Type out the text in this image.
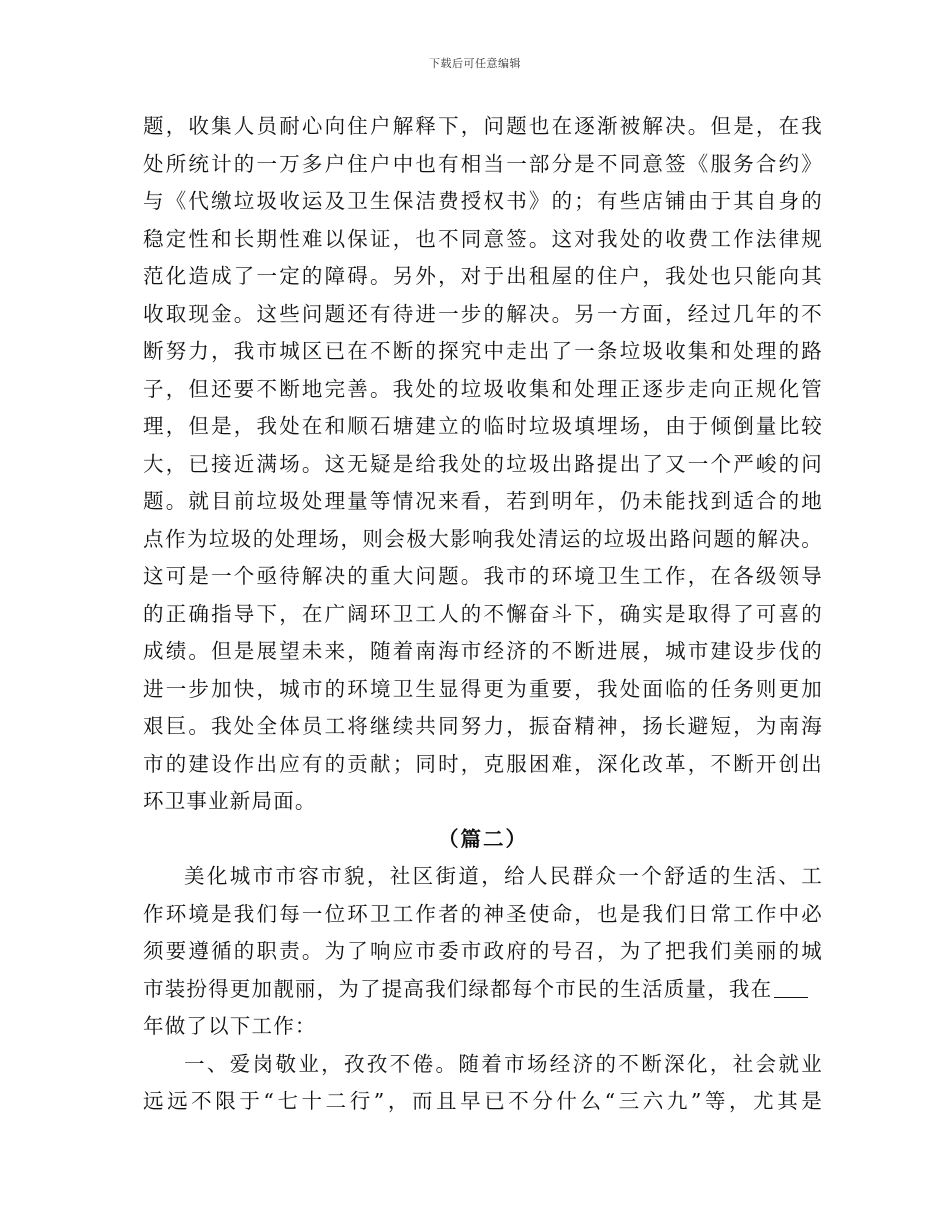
下载后可任意编辑
题，收集人员耐心向住户解释下，问题也在逐渐被解决。但是，在我
处所统计的一万多户住户中也有相当一部分是不同意签《服务合约》
与《代缴垃圾收运及卫生保洁费授权书》的；有些店铺由于其自身的
稳定性和长期性难以保证，也不同意签。这对我处的收费工作法律规
范化造成了一定的障碍。另外，对于出租屋的住户，我处也只能向其
收取现金。这些问题还有待进一步的解决。另一方面，经过几年的不
断努力，我市城区已在不断的探究中走出了一条垃圾收集和处理的路
子，但还要不断地完善。我处的垃圾收集和处理正逐步走向正规化管
理，但是，我处在和顺石塘建立的临时垃圾填埋场，由于倾倒量比较
大，已接近满场。这无疑是给我处的垃圾出路提出了又一个严峻的问
题。就目前垃圾处理量等情况来看，若到明年，仍未能找到适合的地
点作为垃圾的处理场，则会极大影响我处清运的垃圾出路问题的解决。
这可是一个亟待解决的重大问题。我市的环境卫生工作，在各级领导
的正确指导下，在广阔环卫工人的不懈奋斗下，确实是取得了可喜的
成绩。但是展望未来，随着南海市经济的不断进展，城市建设步伐的
进一步加快，城市的环境卫生显得更为重要，我处面临的任务则更加
艰巨。我处全体员工将继续共同努力，振奋精神，扬长避短，为南海
市的建设作出应有的贡献；同时，克服困难，深化改革，不断开创出
环卫事业新局面。
（篇二）
美化城市市容市貌，社区街道，给人民群众一个舒适的生活、工
作环境是我们每一位环卫工作者的神圣使命，也是我们日常工作中必
须要遵循的职责。为了响应市委市政府的号召，为了把我们美丽的城
市装扮得更加靓丽，为了提高我们绿都每个市民的生活质量，我在
年做了以下工作：
一、爱岗敬业，孜孜不倦。随着市场经济的不断深化，社会就业
远远不限于“七十二行”，而且早已不分什么“三六九”等，尤其是
